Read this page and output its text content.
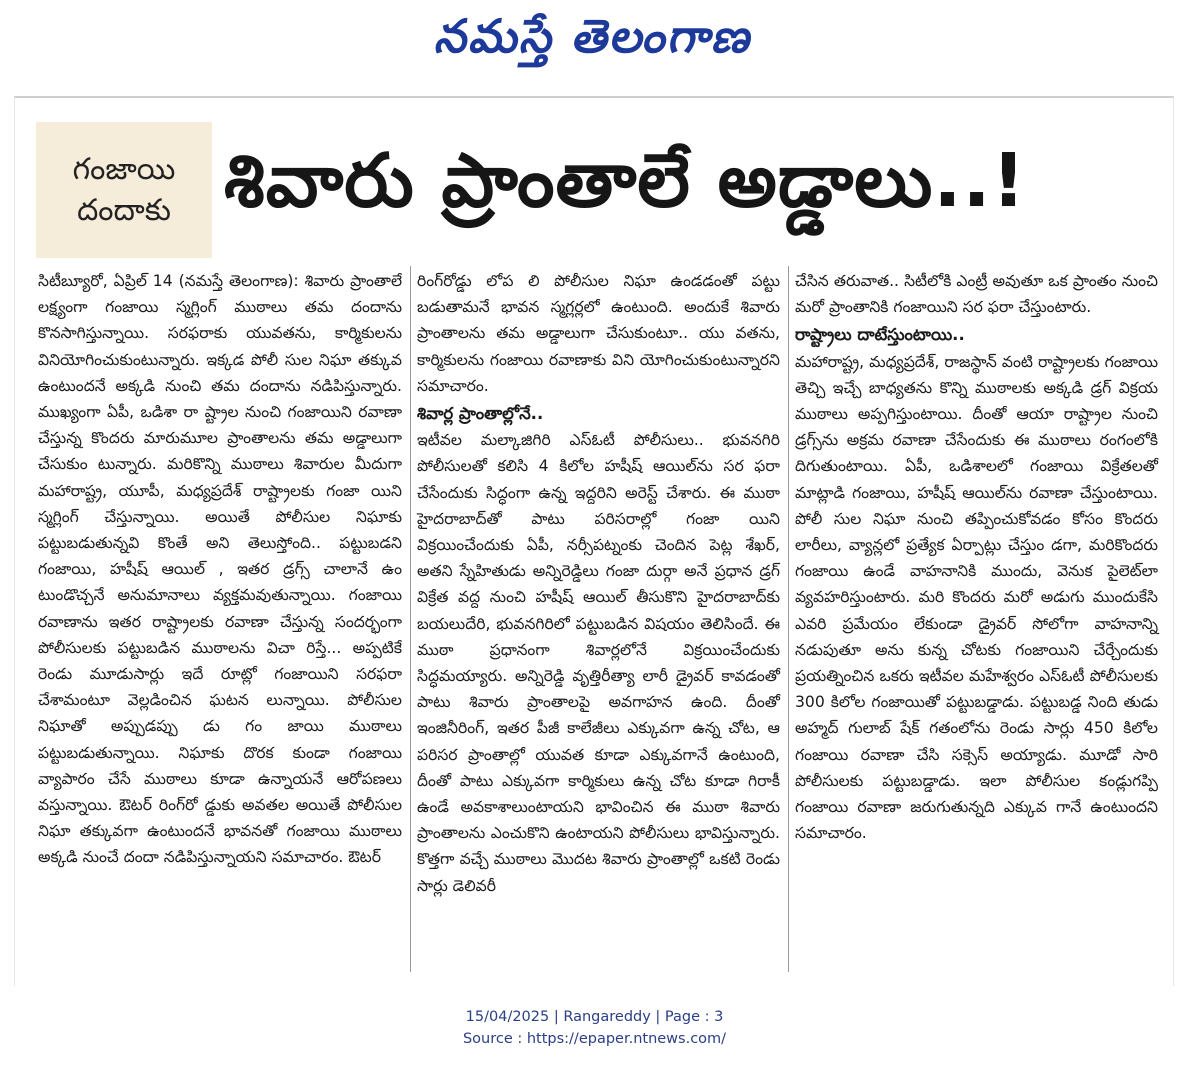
నమస్తే తెలంగాణ
గంజాయి
దందాకు శివారు ప్రాంతాలే అడ్డాలు..!

సిటీబ్యూరో, ఏప్రిల్ 14 (నమస్తే తెలంగాణ): శివారు ప్రాంతాలే లక్ష్యంగా గంజాయి స్మగ్లింగ్ ముఠాలు తమ దందాను కొనసాగిస్తున్నాయి. సరఫరాకు యువతను, కార్మికులను వినియోగించుకుంటున్నారు. ఇక్కడ పోలీ సుల నిఘా తక్కువ ఉంటుందనే అక్కడి నుంచి తమ దందాను నడిపిస్తున్నారు. ముఖ్యంగా ఏపీ, ఒడిశా రా ష్ట్రాల నుంచి గంజాయిని రవాణా చేస్తున్న కొందరు మారుమూల ప్రాంతాలను తమ అడ్డాలుగా చేసుకుం టున్నారు. మరికొన్ని ముఠాలు శివారుల మీదుగా మహారాష్ట్ర, యూపీ, మధ్యప్రదేశ్ రాష్ట్రాలకు గంజా యిని స్మగ్లింగ్ చేస్తున్నాయి. అయితే పోలీసుల నిఘాకు పట్టుబడుతున్నవి కొంతే అని తెలుస్తోంది.. పట్టుబడని గంజాయి, హషీష్ ఆయిల్ , ఇతర డ్రగ్స్ చాలానే ఉం టుండొచ్చనే అనుమానాలు వ్యక్తమవుతున్నాయి. గంజాయి రవాణాను ఇతర రాష్ట్రాలకు రవాణా చేస్తున్న సందర్భంగా పోలీసులకు పట్టుబడిన ముఠాలను విచా రిస్తే... అప్పటికే రెండు మూడుసార్లు ఇదే రూట్లో గంజాయిని సరఫరా చేశామంటూ వెల్లడించిన ఘటన లున్నాయి. పోలీసుల నిఘాతో అప్పుడప్పు డు గం జాయి ముఠాలు పట్టుబడుతున్నాయి. నిఘాకు దొరక కుండా గంజాయి వ్యాపారం చేసే ముఠాలు కూడా ఉన్నాయనే ఆరోపణలు వస్తున్నాయి. ఔటర్ రింగ్‌రో డ్డుకు అవతల అయితే పోలీసుల నిఘా తక్కువగా ఉంటుందనే భావనతో గంజాయి ముఠాలు అక్కడి నుంచే దందా నడిపిస్తున్నాయని సమాచారం. ఔటర్

రింగ్‌రోడ్డు లోప లి పోలీసుల నిఘా ఉండడంతో పట్టు బడుతామనే భావన స్మగ్లర్లలో ఉంటుంది. అందుకే శివారు ప్రాంతాలను తమ అడ్డాలుగా చేసుకుంటూ.. యు వతను, కార్మికులను గంజాయి రవాణాకు విని యోగించుకుంటున్నారని సమాచారం.

శివార్ల ప్రాంతాల్లోనే..

ఇటీవల మల్కాజిగిరి ఎస్‌ఓటీ పోలీసులు.. భువనగిరి పోలీసులతో కలిసి 4 కిలోల హషీష్ ఆయిల్‌ను సర ఫరా చేసేందుకు సిద్ధంగా ఉన్న ఇద్దరిని అరెస్ట్ చేశారు. ఈ ముఠా హైదరాబాద్‌తో పాటు పరిసరాల్లో గంజా యిని విక్రయించేందుకు ఏపీ, నర్సీపట్నంకు చెందిన పెట్ల శేఖర్, అతని స్నేహితుడు అన్నిరెడ్డిలు గంజా దుర్గా అనే ప్రధాన డ్రగ్ విక్రేత వద్ద నుంచి హషీష్ ఆయిల్ తీసుకొని హైదరాబాద్‌కు బయలుదేరి, భువనగిరిలో పట్టుబడిన విషయం తెలిసిందే. ఈ ముఠా ప్రధానంగా శివార్లలోనే విక్రయించేందుకు సిద్ధమయ్యారు. అన్నిరెడ్డి వృత్తిరీత్యా లారీ డ్రైవర్ కావడంతో పాటు శివారు ప్రాంతాలపై అవగాహన ఉంది. దీంతో ఇంజినీరింగ్, ఇతర పీజీ కాలేజీలు ఎక్కువగా ఉన్న చోట, ఆ పరిసర ప్రాంతాల్లో యువత కూడా ఎక్కువగానే ఉంటుంది, దీంతో పాటు ఎక్కువగా కార్మికులు ఉన్న చోట కూడా గిరాకీ ఉండే అవకాశాలుంటాయని భావించిన ఈ ముఠా శివారు ప్రాంతాలను ఎంచుకొని ఉంటాయని పోలీసులు భావిస్తున్నారు. కొత్తగా వచ్చే ముఠాలు మొదట శివారు ప్రాంతాల్లో ఒకటి రెండు సార్లు డెలివరీ

చేసిన తరువాత.. సిటీలోకి ఎంట్రీ అవుతూ ఒక ప్రాంతం నుంచి మరో ప్రాంతానికి గంజాయిని సర ఫరా చేస్తుంటారు.

రాష్ట్రాలు దాటేస్తుంటాయి..

మహారాష్ట్ర, మధ్యప్రదేశ్, రాజస్థాన్ వంటి రాష్ట్రాలకు గంజాయి తెచ్చి ఇచ్చే బాధ్యతను కొన్ని ముఠాలకు అక్కడి డ్రగ్ విక్రయ ముఠాలు అప్పగిస్తుంటాయి. దీంతో ఆయా రాష్ట్రాల నుంచి డ్రగ్స్‌ను అక్రమ రవాణా చేసేందుకు ఈ ముఠాలు రంగంలోకి దిగుతుంటాయి. ఏపీ, ఒడిశాలలో గంజాయి విక్రేతలతో మాట్లాడి గంజాయి, హషీష్ ఆయిల్‌ను రవాణా చేస్తుంటాయి. పోలీ సుల నిఘా నుంచి తప్పించుకోవడం కోసం కొందరు లారీలు, వ్యాన్లలో ప్రత్యేక ఏర్పాట్లు చేస్తుం డగా, మరికొందరు గంజాయి ఉండే వాహనానికి ముందు, వెనుక పైలెట్‌లా వ్యవహరిస్తుంటారు. మరి కొందరు మరో అడుగు ముందుకేసి ఎవరి ప్రమేయం లేకుండా డ్రైవర్ సోలోగా వాహనాన్ని నడుపుతూ అను కున్న చోటకు గంజాయిని చేర్చేందుకు ప్రయత్నించిన ఒకరు ఇటీవల మహేశ్వరం ఎస్‌ఓటీ పోలీసులకు 300 కిలోల గంజాయితో పట్టుబడ్డాడు. పట్టుబడ్డ నింది తుడు అహ్మద్ గులాబ్ షేక్ గతంలోను రెండు సార్లు 450 కిలోల గంజాయి రవాణా చేసి సక్సెస్ అయ్యాడు. మూడో సారి పోలీసులకు పట్టుబడ్డాడు. ఇలా పోలీసుల కండ్లుగప్పి గంజాయి రవాణా జరుగుతున్నది ఎక్కువ గానే ఉంటుందని సమాచారం.

15/04/2025 | Rangareddy | Page : 3
Source : https://epaper.ntnews.com/
